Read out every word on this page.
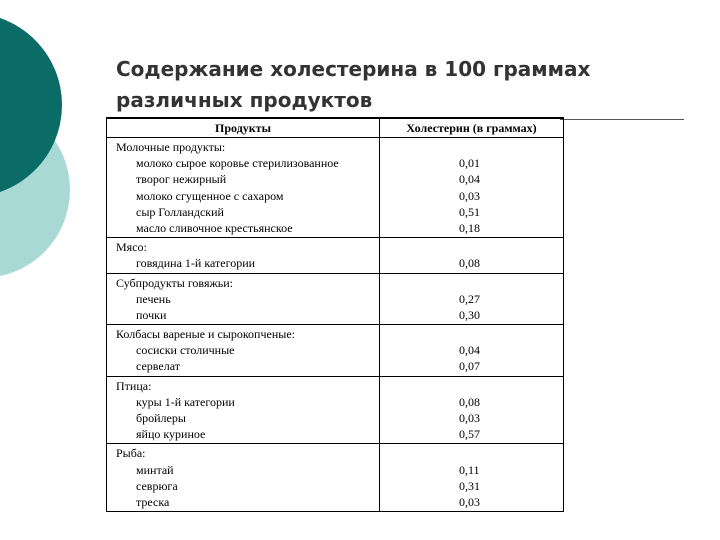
Содержание холестерина в 100 граммах
различных продуктов
Продукты	Холестерин (в граммах)
Молочные продукты:
молоко сырое коровье стерилизованное
творог нежирный
молоко сгущенное с сахаром
сыр Голландский
масло сливочное крестьянское
0,01
0,04
0,03
0,51
0,18
Мясо:
говядина 1-й категории	0,08
Субпродукты говяжьи:
печень
почки
0,27
0,30
Колбасы вареные и сырокопченые:
сосиски столичные
сервелат
0,04
0,07
Птица:
куры 1-й категории
бройлеры
яйцо куриное
0,08
0,03
0,57
Рыба:
минтай
севрюга
треска
0,11
0,31
0,03
